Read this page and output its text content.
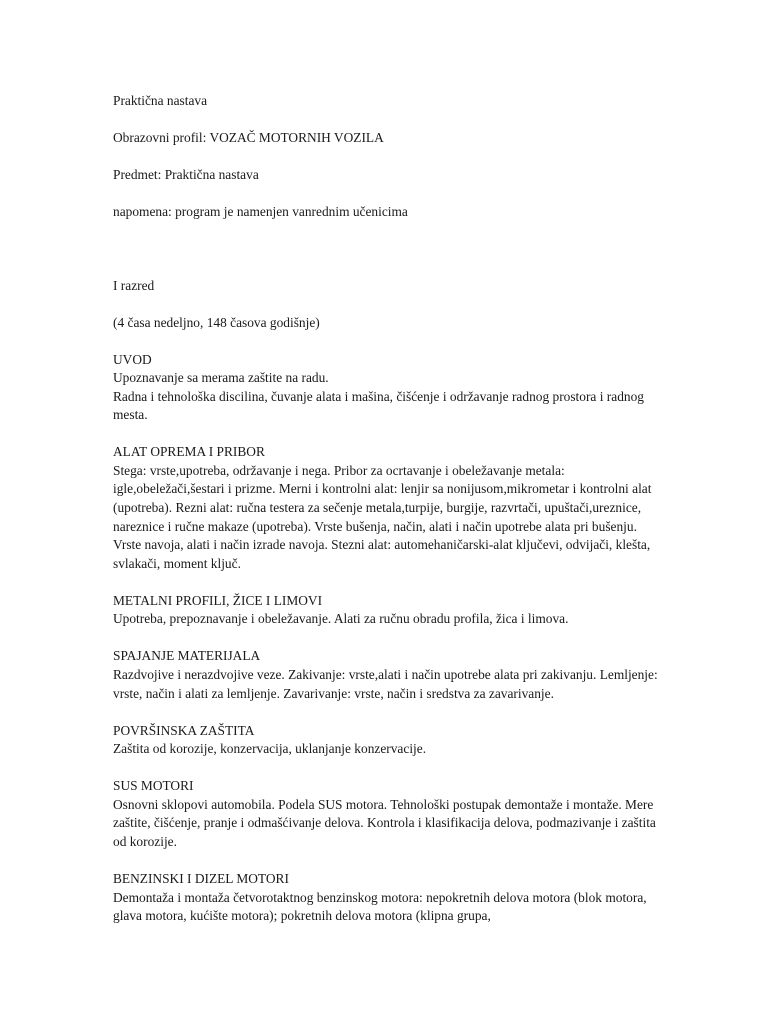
Praktična nastava

Obrazovni profil: VOZAČ MOTORNIH VOZILA

Predmet: Praktična nastava

napomena: program je namenjen vanrednim učenicima

I razred

(4 časa nedeljno, 148 časova godišnje)

UVOD

Upoznavanje sa merama zaštite na radu.

Radna i tehnološka discilina, čuvanje alata i mašina, čišćenje i održavanje radnog prostora i radnog mesta.

ALAT OPREMA I PRIBOR

Stega: vrste,upotreba, održavanje i nega. Pribor za ocrtavanje i obeležavanje metala: igle,obeležači,šestari i prizme. Merni i kontrolni alat: lenjir sa nonijusom,mikrometar i kontrolni alat (upotreba). Rezni alat: ručna testera za sečenje metala,turpije, burgije, razvrtači, upuštači,ureznice, nareznice i ručne makaze (upotreba). Vrste bušenja, način, alati i način upotrebe alata pri bušenju. Vrste navoja, alati i način izrade navoja. Stezni alat: automehaničarski-alat ključevi, odvijači, klešta, svlakači, moment ključ.

METALNI PROFILI, ŽICE I LIMOVI

Upotreba, prepoznavanje i obeležavanje. Alati za ručnu obradu profila, žica i limova.

SPAJANJE MATERIJALA

Razdvojive i nerazdvojive veze. Zakivanje: vrste,alati i način upotrebe alata pri zakivanju. Lemljenje: vrste, način i alati za lemljenje. Zavarivanje: vrste, način i sredstva za zavarivanje.

POVRŠINSKA ZAŠTITA

Zaštita od korozije, konzervacija, uklanjanje konzervacije.

SUS MOTORI

Osnovni sklopovi automobila. Podela SUS motora. Tehnološki postupak demontaže i montaže. Mere zaštite, čišćenje, pranje i odmašćivanje delova. Kontrola i klasifikacija delova, podmazivanje i zaštita od korozije.

BENZINSKI I DIZEL MOTORI

Demontaža i montaža četvorotaktnog benzinskog motora: nepokretnih delova motora (blok motora, glava motora, kućište motora); pokretnih delova motora (klipna grupa,
